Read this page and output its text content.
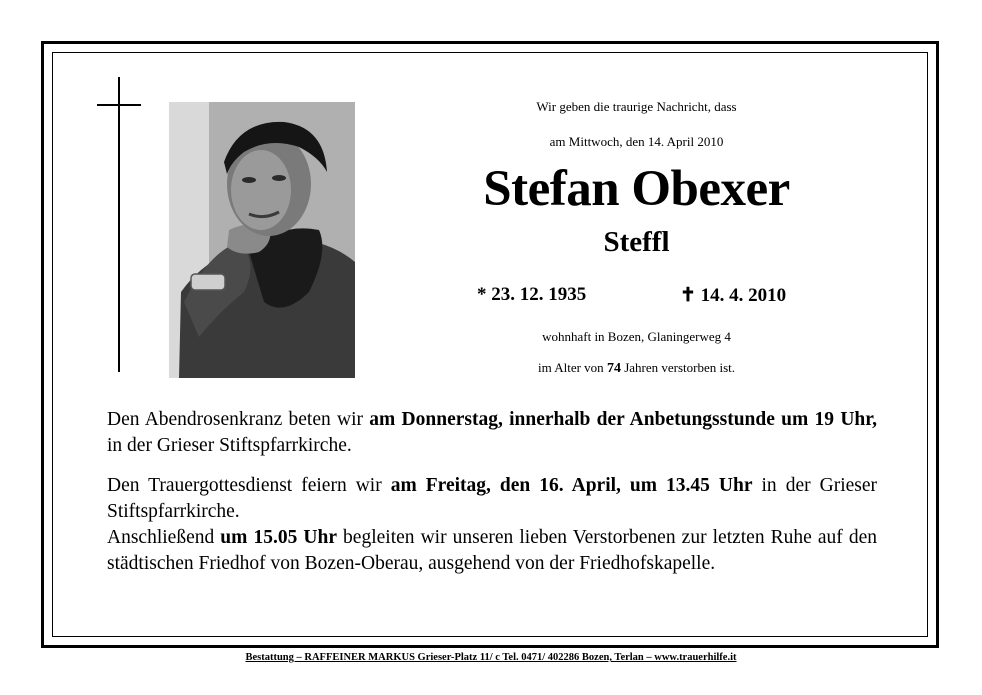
Wir geben die traurige Nachricht, dass
am Mittwoch, den 14. April 2010
Stefan Obexer
Steffl
* 23. 12. 1935	✝ 14. 4. 2010
wohnhaft in Bozen, Glaningerweg 4
im Alter von 74 Jahren verstorben ist.
Den Abendrosenkranz beten wir am Donnerstag, innerhalb der Anbetungsstunde um 19 Uhr, in der Grieser Stiftspfarrkirche.
Den Trauergottesdienst feiern wir am Freitag, den 16. April, um 13.45 Uhr in der Grieser Stiftspfarrkirche.
Anschließend um 15.05 Uhr begleiten wir unseren lieben Verstorbenen zur letzten Ruhe auf den städtischen Friedhof von Bozen-Oberau, ausgehend von der Friedhofskapelle.
Bestattung – RAFFEINER MARKUS Grieser-Platz 11/ c Tel. 0471/ 402286 Bozen, Terlan – www.trauerhilfe.it
